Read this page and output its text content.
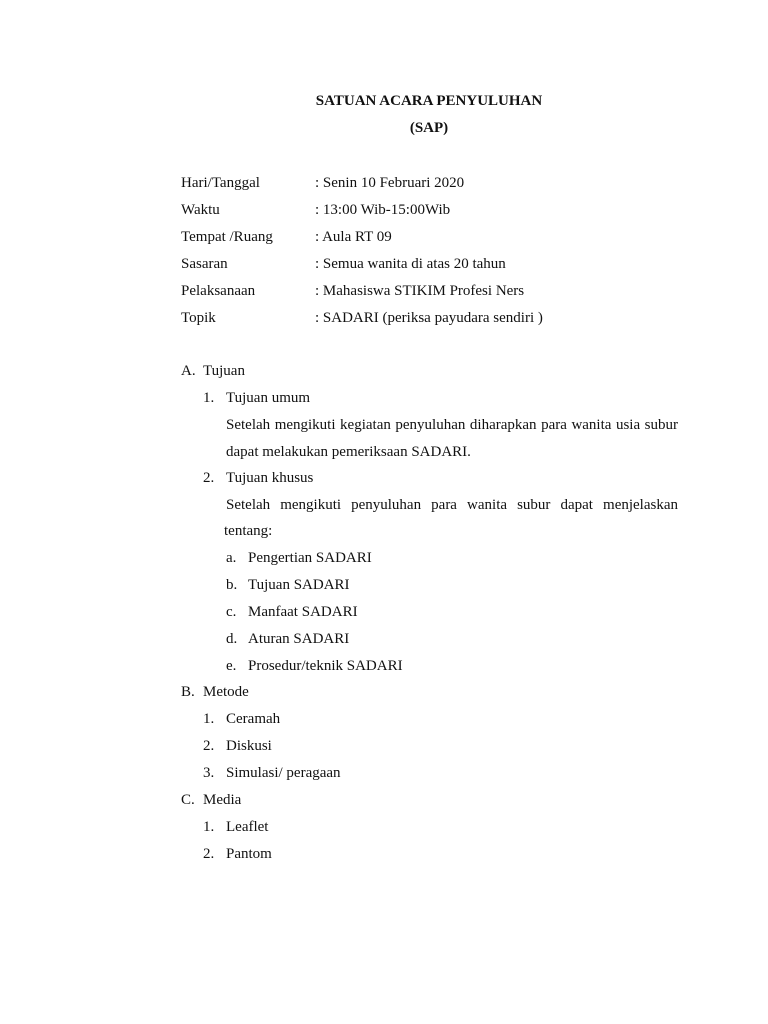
SATUAN ACARA PENYULUHAN
(SAP)
Hari/Tanggal	: Senin 10 Februari 2020
Waktu	: 13:00 Wib-15:00Wib
Tempat /Ruang	: Aula RT 09
Sasaran	: Semua wanita di atas 20 tahun
Pelaksanaan	: Mahasiswa STIKIM Profesi Ners
Topik	: SADARI (periksa payudara sendiri )
A. Tujuan
1. Tujuan umum
Setelah mengikuti kegiatan penyuluhan diharapkan para wanita usia subur
dapat melakukan pemeriksaan SADARI.
2. Tujuan khusus
Setelah mengikuti penyuluhan para wanita subur dapat menjelaskan
tentang:
a. Pengertian SADARI
b. Tujuan SADARI
c. Manfaat SADARI
d. Aturan SADARI
e. Prosedur/teknik SADARI
B. Metode
1. Ceramah
2. Diskusi
3. Simulasi/ peragaan
C. Media
1. Leaflet
2. Pantom
